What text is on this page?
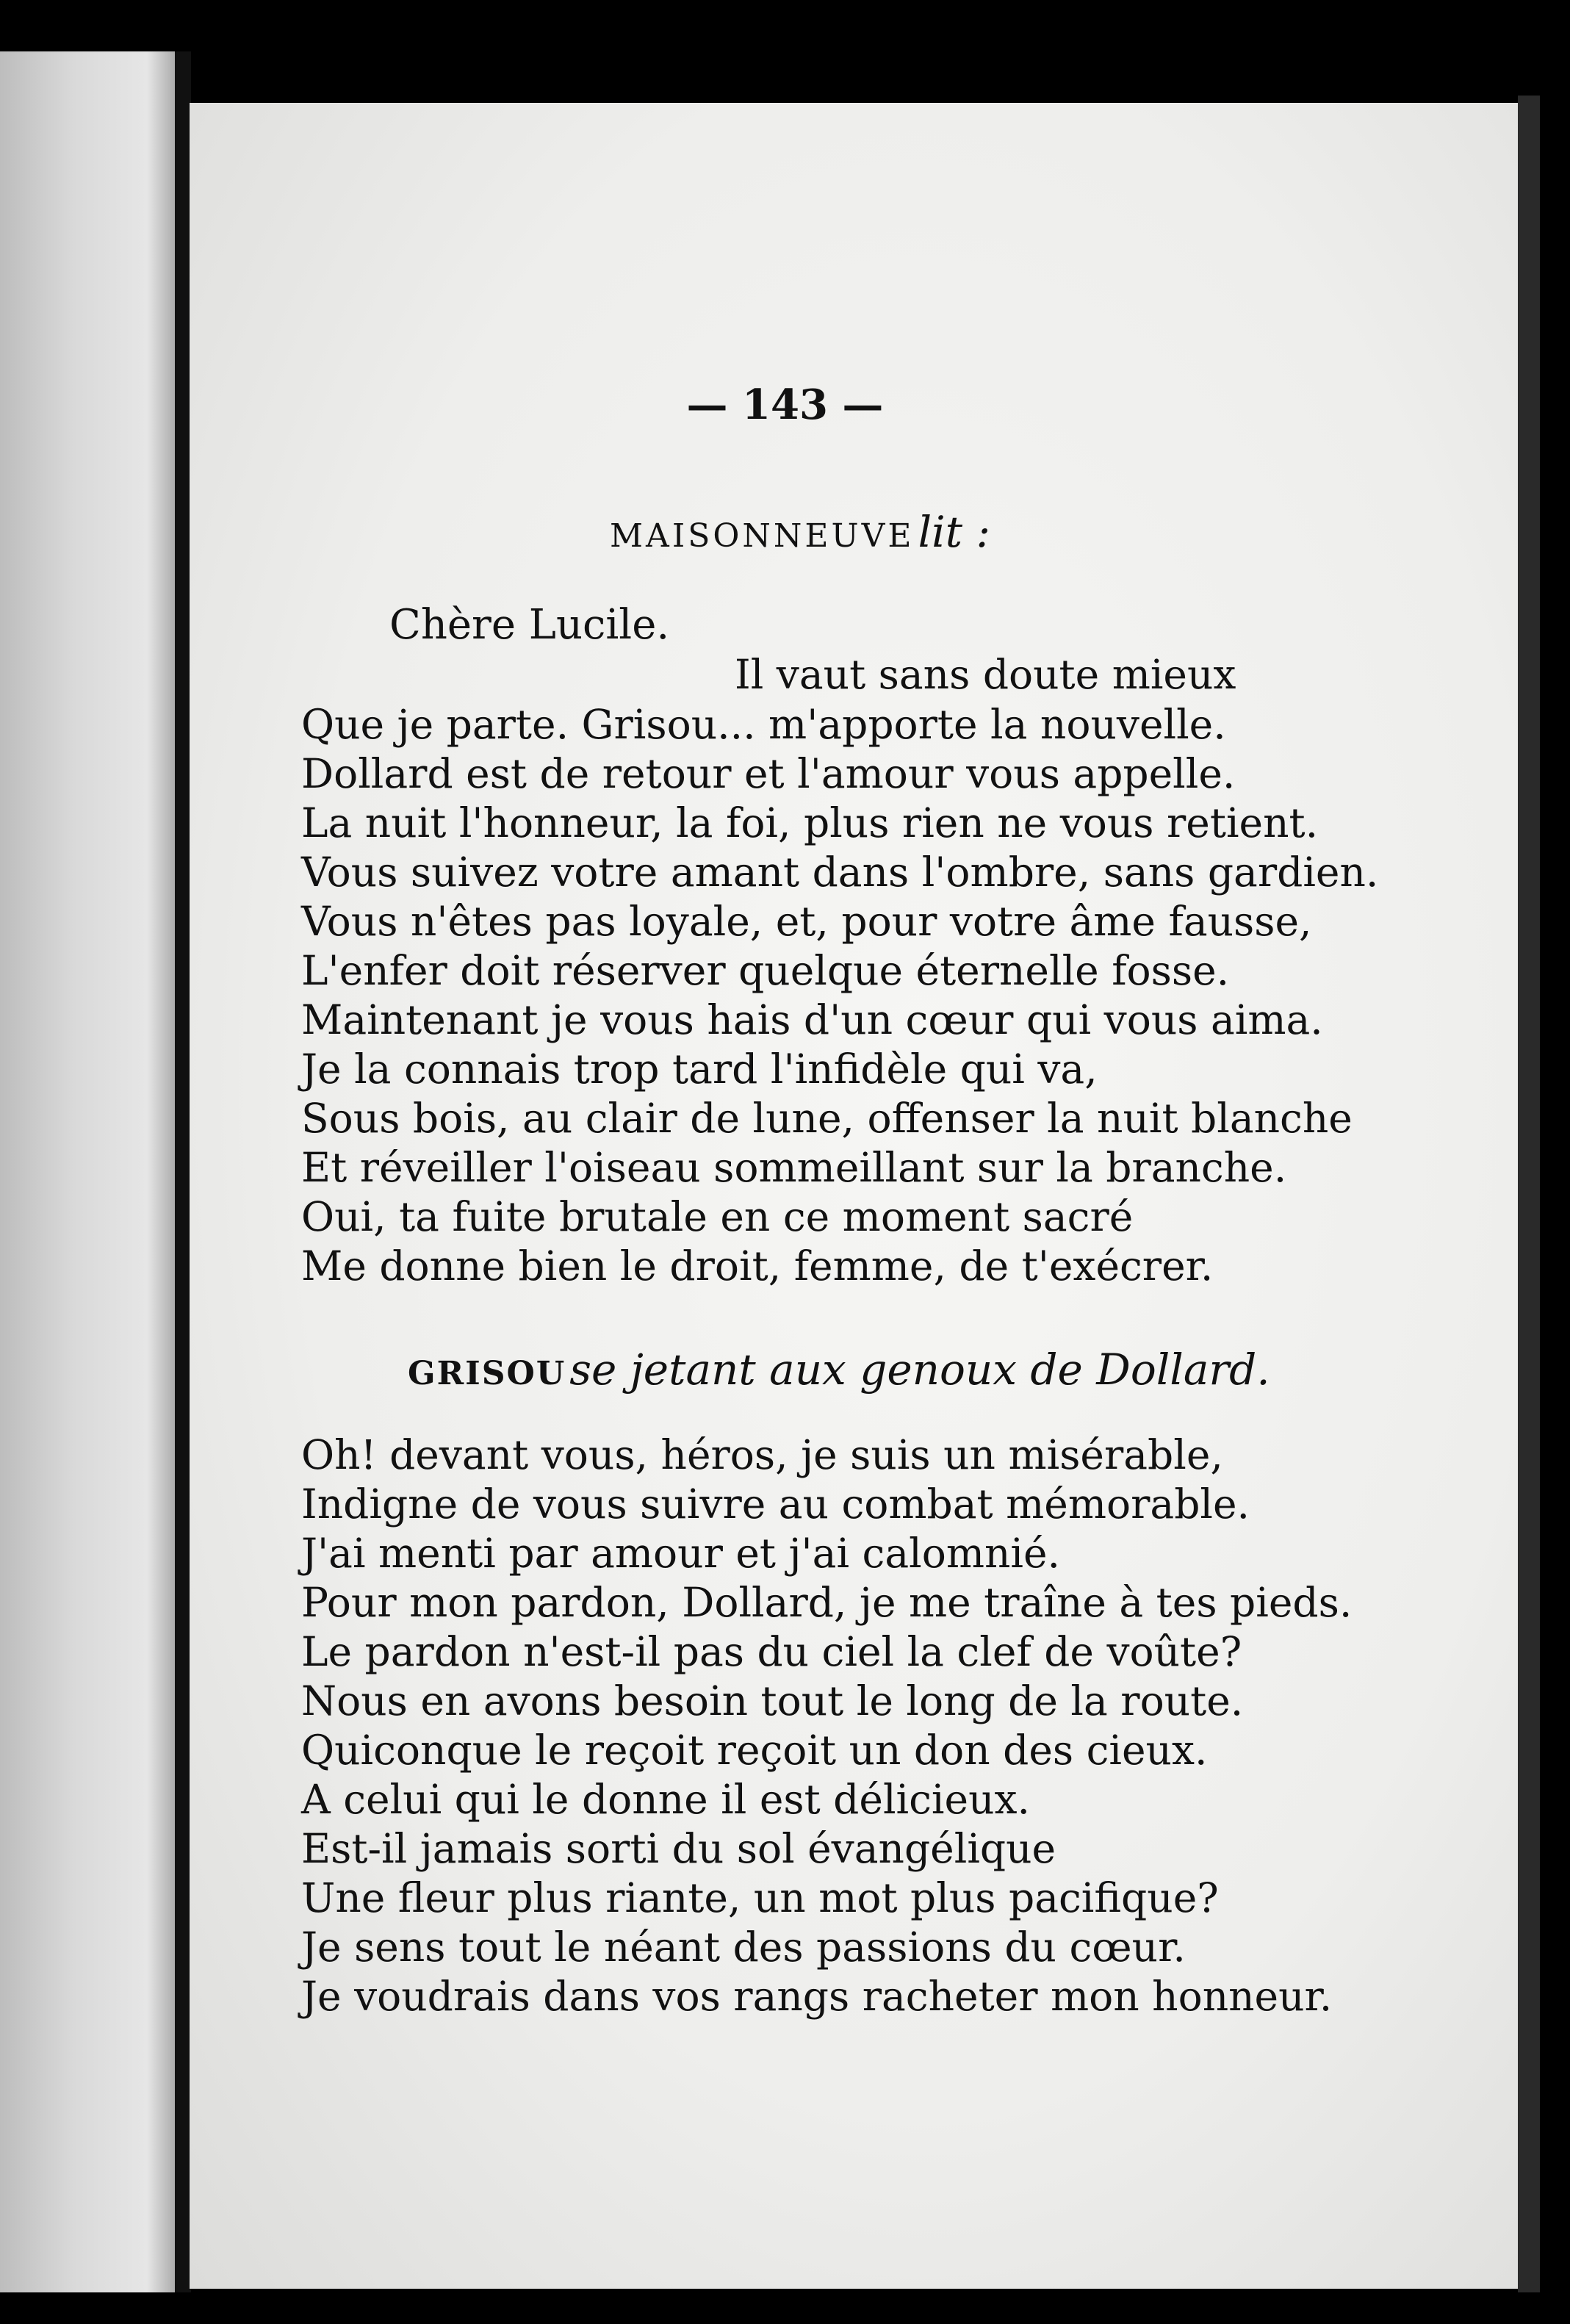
— 143 —
MAISONNEUVE lit :
Chère Lucile.
Il vaut sans doute mieux
Que je parte. Grisou... m'apporte la nouvelle.
Dollard est de retour et l'amour vous appelle.
La nuit l'honneur, la foi, plus rien ne vous retient.
Vous suivez votre amant dans l'ombre, sans gardien.
Vous n'êtes pas loyale, et, pour votre âme fausse,
L'enfer doit réserver quelque éternelle fosse.
Maintenant je vous hais d'un cœur qui vous aima.
Je la connais trop tard l'infidèle qui va,
Sous bois, au clair de lune, offenser la nuit blanche
Et réveiller l'oiseau sommeillant sur la branche.
Oui, ta fuite brutale en ce moment sacré
Me donne bien le droit, femme, de t'exécrer.
GRISOU se jetant aux genoux de Dollard.
Oh! devant vous, héros, je suis un misérable,
Indigne de vous suivre au combat mémorable.
J'ai menti par amour et j'ai calomnié.
Pour mon pardon, Dollard, je me traîne à tes pieds.
Le pardon n'est-il pas du ciel la clef de voûte?
Nous en avons besoin tout le long de la route.
Quiconque le reçoit reçoit un don des cieux.
A celui qui le donne il est délicieux.
Est-il jamais sorti du sol évangélique
Une fleur plus riante, un mot plus pacifique?
Je sens tout le néant des passions du cœur.
Je voudrais dans vos rangs racheter mon honneur.
